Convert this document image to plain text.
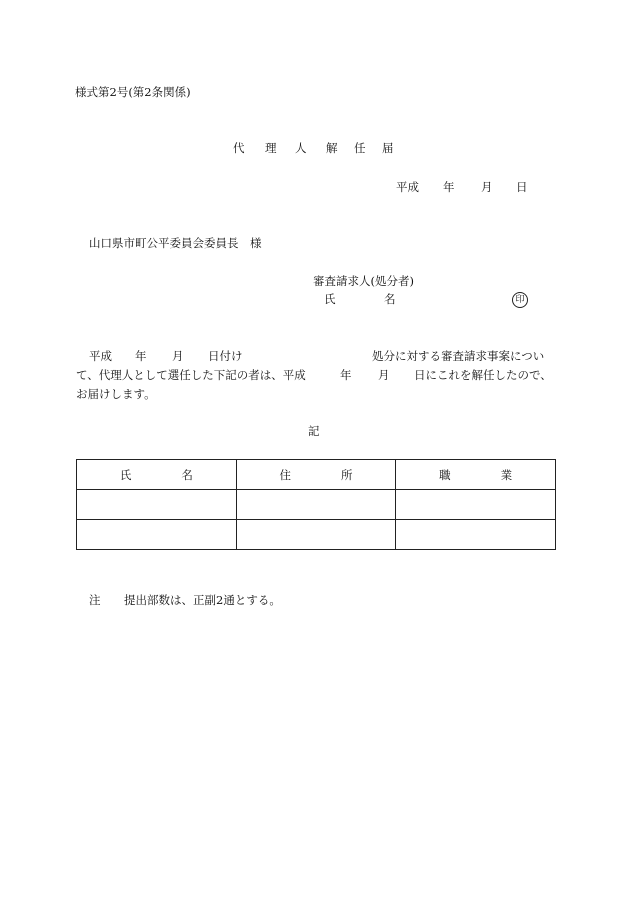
様式第2号(第2条関係)
代 理 人 解 任 届
平成 年 月 日
山口県市町公平委員会委員長　様
審査請求人(処分者)
氏	名	印
平成 年 月 日付け	処分に対する審査請求事案につい
て、代理人として選任した下記の者は、平成	年 月 日にこれを解任したので、
お届けします。
記
氏 名	住 所	職 業

注 提出部数は、正副2通とする。
